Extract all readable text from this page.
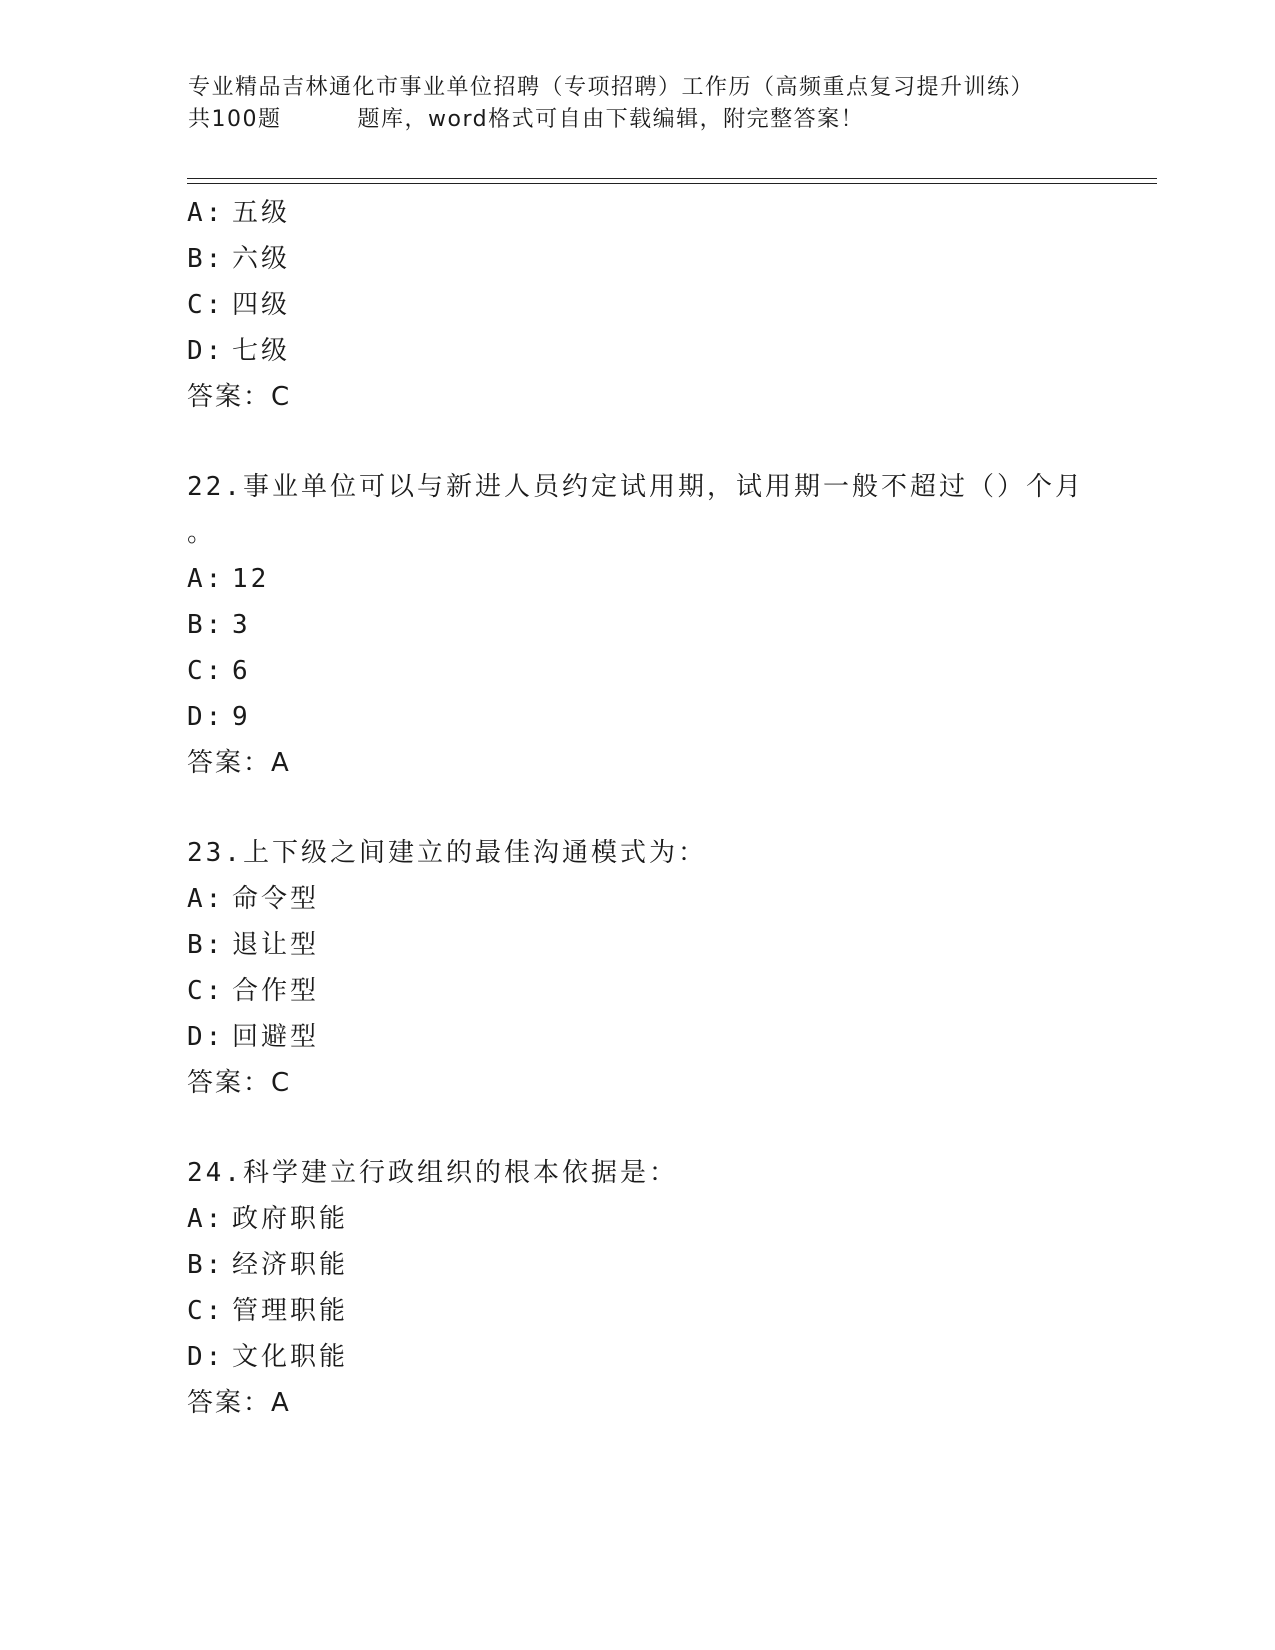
专业精品吉林通化市事业单位招聘（专项招聘）工作历（高频重点复习提升训练）
共100题	题库，word格式可自由下载编辑，附完整答案！
A: 五级
B: 六级
C: 四级
D: 七级
答案：C
22.事业单位可以与新进人员约定试用期，试用期一般不超过（）个月
。
A: 12
B: 3
C: 6
D: 9
答案：A
23.上下级之间建立的最佳沟通模式为：
A: 命令型
B: 退让型
C: 合作型
D: 回避型
答案：C
24.科学建立行政组织的根本依据是：
A: 政府职能
B: 经济职能
C: 管理职能
D: 文化职能
答案：A
